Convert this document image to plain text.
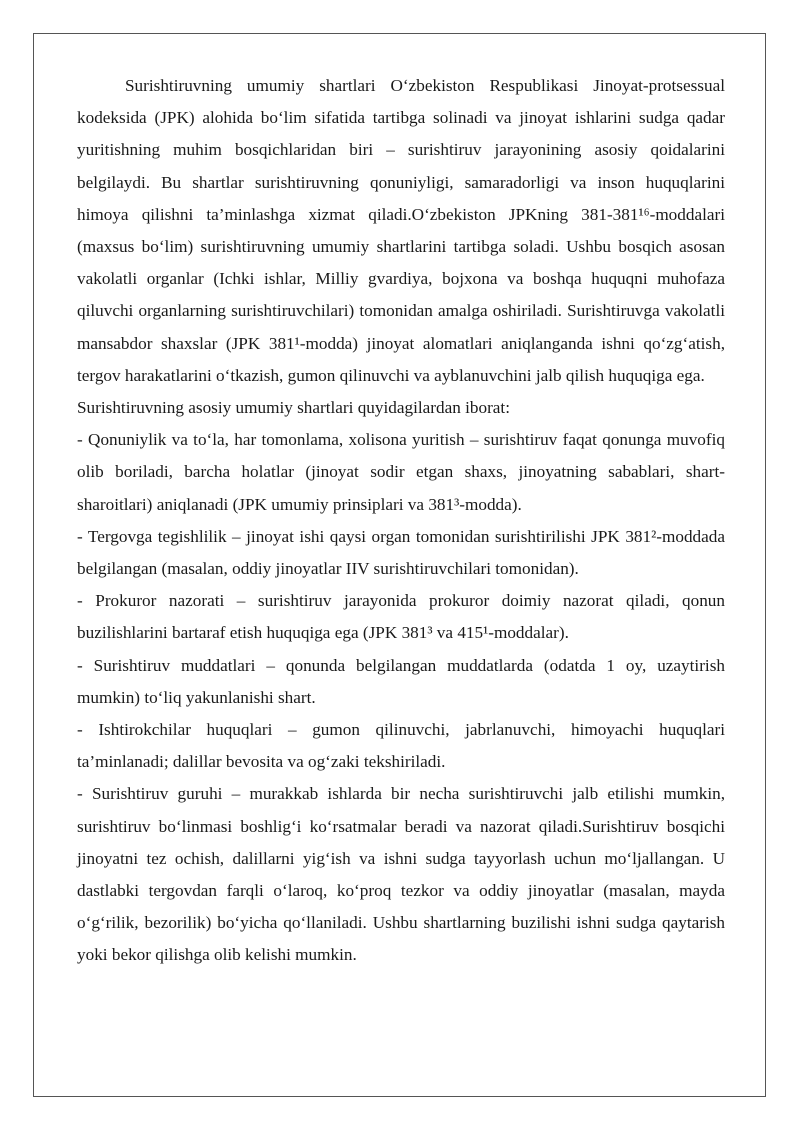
Surishtiruvning umumiy shartlari O‘zbekiston Respublikasi Jinoyat-protsessual kodeksida (JPK) alohida bo‘lim sifatida tartibga solinadi va jinoyat ishlarini sudga qadar yuritishning muhim bosqichlaridan biri – surishtiruv jarayonining asosiy qoidalarini belgilaydi. Bu shartlar surishtiruvning qonuniyligi, samaradorligi va inson huquqlarini himoya qilishni ta’minlashga xizmat qiladi.O‘zbekiston JPKning 381-381¹⁶-moddalari (maxsus bo‘lim) surishtiruvning umumiy shartlarini tartibga soladi. Ushbu bosqich asosan vakolatli organlar (Ichki ishlar, Milliy gvardiya, bojxona va boshqa huquqni muhofaza qiluvchi organlarning surishtiruvchilari) tomonidan amalga oshiriladi. Surishtiruvga vakolatli mansabdor shaxslar (JPK 381¹-modda) jinoyat alomatlari aniqlanganda ishni qo‘zg‘atish, tergov harakatlarini o‘tkazish, gumon qilinuvchi va ayblanuvchini jalb qilish huquqiga ega.

Surishtiruvning asosiy umumiy shartlari quyidagilardan iborat:

- Qonuniylik va to‘la, har tomonlama, xolisona yuritish – surishtiruv faqat qonunga muvofiq olib boriladi, barcha holatlar (jinoyat sodir etgan shaxs, jinoyatning sabablari, shart-sharoitlari) aniqlanadi (JPK umumiy prinsiplari va 381³-modda).

- Tergovga tegishlilik – jinoyat ishi qaysi organ tomonidan surishtirilishi JPK 381²-moddada belgilangan (masalan, oddiy jinoyatlar IIV surishtiruvchilari tomonidan).

- Prokuror nazorati – surishtiruv jarayonida prokuror doimiy nazorat qiladi, qonun buzilishlarini bartaraf etish huquqiga ega (JPK 381³ va 415¹-moddalar).

- Surishtiruv muddatlari – qonunda belgilangan muddatlarda (odatda 1 oy, uzaytirish mumkin) to‘liq yakunlanishi shart.

- Ishtirokchilar huquqlari – gumon qilinuvchi, jabrlanuvchi, himoyachi huquqlari ta’minlanadi; dalillar bevosita va og‘zaki tekshiriladi.

- Surishtiruv guruhi – murakkab ishlarda bir necha surishtiruvchi jalb etilishi mumkin, surishtiruv bo‘linmasi boshlig‘i ko‘rsatmalar beradi va nazorat qiladi.Surishtiruv bosqichi jinoyatni tez ochish, dalillarni yig‘ish va ishni sudga tayyorlash uchun mo‘ljallangan. U dastlabki tergovdan farqli o‘laroq, ko‘proq tezkor va oddiy jinoyatlar (masalan, mayda o‘g‘rilik, bezorilik) bo‘yicha qo‘llaniladi. Ushbu shartlarning buzilishi ishni sudga qaytarish yoki bekor qilishga olib kelishi mumkin.
